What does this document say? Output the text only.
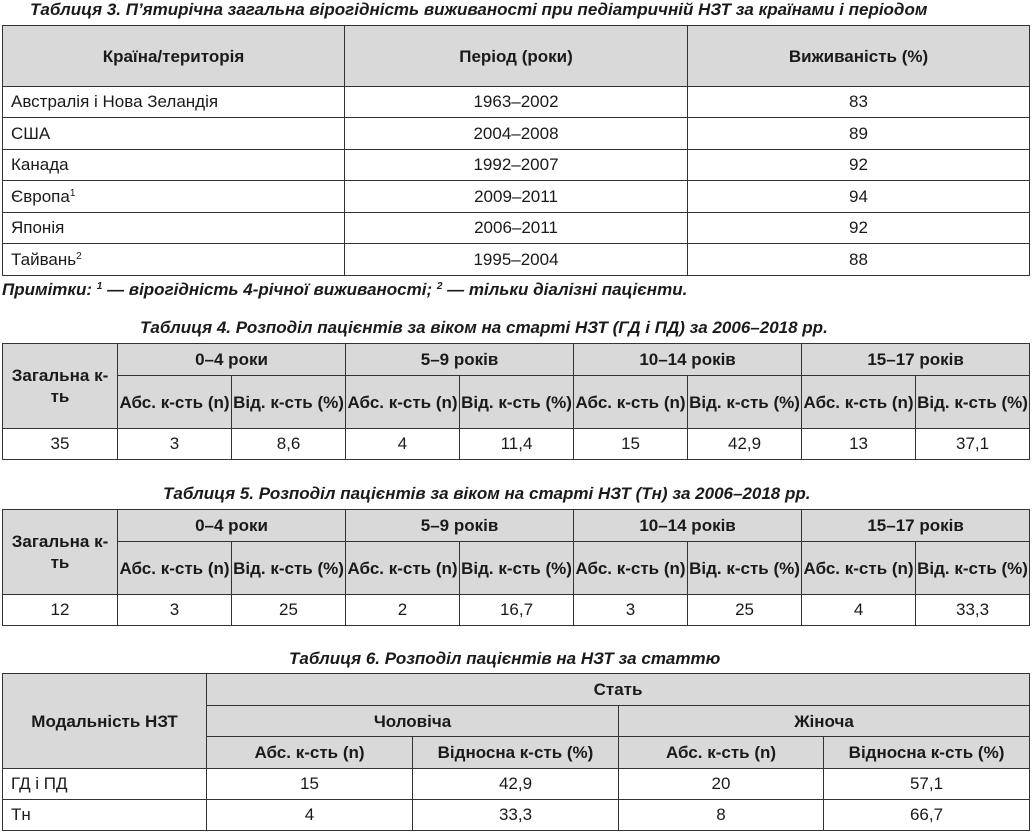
Таблиця 3. П’ятирічна загальна вірогідність виживаності при педіатричній НЗТ за країнами і періодом
Країна/територія	Період (роки)	Виживаність (%)
Австралія і Нова Зеландія	1963–2002	83
США	2004–2008	89
Канада	1992–2007	92
Європа$^1$	2009–2011	94
Японія	2006–2011	92
Тайвань$^2$	1995–2004	88
Примітки: $^1$ — вірогідність 4-річної виживаності; $^2$ — тільки діалізні пацієнти.
Таблиця 4. Розподіл пацієнтів за віком на старті НЗТ (ГД і ПД) за 2006–2018 рр.
Загальна к-ть	0–4 роки		5–9 років		10–14 років		15–17 років	
	Абс. к-сть (n)	Від. к-сть (%)	Абс. к-сть (n)	Від. к-сть (%)	Абс. к-сть (n)	Від. к-сть (%)	Абс. к-сть (n)	Від. к-сть (%)
35	3	8,6	4	11,4	15	42,9	13	37,1
Таблиця 5. Розподіл пацієнтів за віком на старті НЗТ (Тн) за 2006–2018 рр.
Загальна к-ть	0–4 роки		5–9 років		10–14 років		15–17 років	
	Абс. к-сть (n)	Від. к-сть (%)	Абс. к-сть (n)	Від. к-сть (%)	Абс. к-сть (n)	Від. к-сть (%)	Абс. к-сть (n)	Від. к-сть (%)
12	3	25	2	16,7	3	25	4	33,3
Таблиця 6. Розподіл пацієнтів на НЗТ за статтю
Модальність НЗТ	Стать			
	Чоловіча		Жіноча	
	Абс. к-сть (n)	Відносна к-сть (%)	Абс. к-сть (n)	Відносна к-сть (%)
ГД і ПД	15	42,9	20	57,1
Тн	4	33,3	8	66,7
